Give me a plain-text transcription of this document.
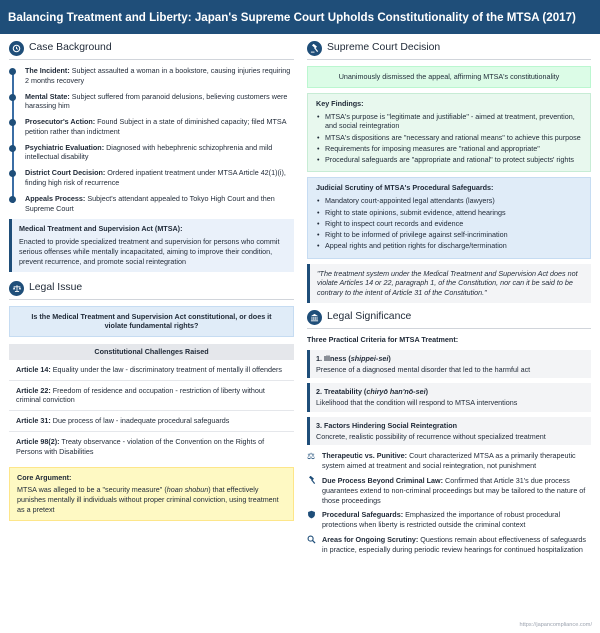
Balancing Treatment and Liberty: Japan's Supreme Court Upholds Constitutionality of the MTSA (2017)
Case Background
The Incident: Subject assaulted a woman in a bookstore, causing injuries requiring 2 months recovery
Mental State: Subject suffered from paranoid delusions, believing customers were harassing him
Prosecutor's Action: Found Subject in a state of diminished capacity; filed MTSA petition rather than indictment
Psychiatric Evaluation: Diagnosed with hebephrenic schizophrenia and mild intellectual disability
District Court Decision: Ordered inpatient treatment under MTSA Article 42(1)(i), finding high risk of recurrence
Appeals Process: Subject's attendant appealed to Tokyo High Court and then Supreme Court
Medical Treatment and Supervision Act (MTSA):
Enacted to provide specialized treatment and supervision for persons who commit serious offenses while mentally incapacitated, aiming to improve their condition, prevent recurrence, and promote social reintegration
Legal Issue
Is the Medical Treatment and Supervision Act constitutional, or does it violate fundamental rights?
Constitutional Challenges Raised
Article 14: Equality under the law - discriminatory treatment of mentally ill offenders
Article 22: Freedom of residence and occupation - restriction of liberty without criminal conviction
Article 31: Due process of law - inadequate procedural safeguards
Article 98(2): Treaty observance - violation of the Convention on the Rights of Persons with Disabilities
Core Argument:
MTSA was alleged to be a "security measure" (hoan shobun) that effectively punishes mentally ill individuals without proper criminal conviction, using treatment as a pretext
Supreme Court Decision
Unanimously dismissed the appeal, affirming MTSA's constitutionality
Key Findings:
• MTSA's purpose is "legitimate and justifiable" - aimed at treatment, prevention, and social reintegration
• MTSA's dispositions are "necessary and rational means" to achieve this purpose
• Requirements for imposing measures are "rational and appropriate"
• Procedural safeguards are "appropriate and rational" to protect subjects' rights
Judicial Scrutiny of MTSA's Procedural Safeguards:
• Mandatory court-appointed legal attendants (lawyers)
• Right to state opinions, submit evidence, attend hearings
• Right to inspect court records and evidence
• Right to be informed of privilege against self-incrimination
• Appeal rights and petition rights for discharge/termination
"The treatment system under the Medical Treatment and Supervision Act does not violate Articles 14 or 22, paragraph 1, of the Constitution, nor can it be said to be contrary to the intent of Article 31 of the Constitution."
Legal Significance
Three Practical Criteria for MTSA Treatment:
1. Illness (shippei-sei)
Presence of a diagnosed mental disorder that led to the harmful act
2. Treatability (chiryō han'nō-sei)
Likelihood that the condition will respond to MTSA interventions
3. Factors Hindering Social Reintegration
Concrete, realistic possibility of recurrence without specialized treatment
⚖ Therapeutic vs. Punitive: Court characterized MTSA as a primarily therapeutic system aimed at treatment and social reintegration, not punishment
Due Process Beyond Criminal Law: Confirmed that Article 31's due process guarantees extend to non-criminal proceedings but may be tailored to the nature of those proceedings
Procedural Safeguards: Emphasized the importance of robust procedural protections when liberty is restricted outside the criminal context
Areas for Ongoing Scrutiny: Questions remain about effectiveness of safeguards in practice, especially during periodic review hearings for continued hospitalization
https://japancompliance.com/
